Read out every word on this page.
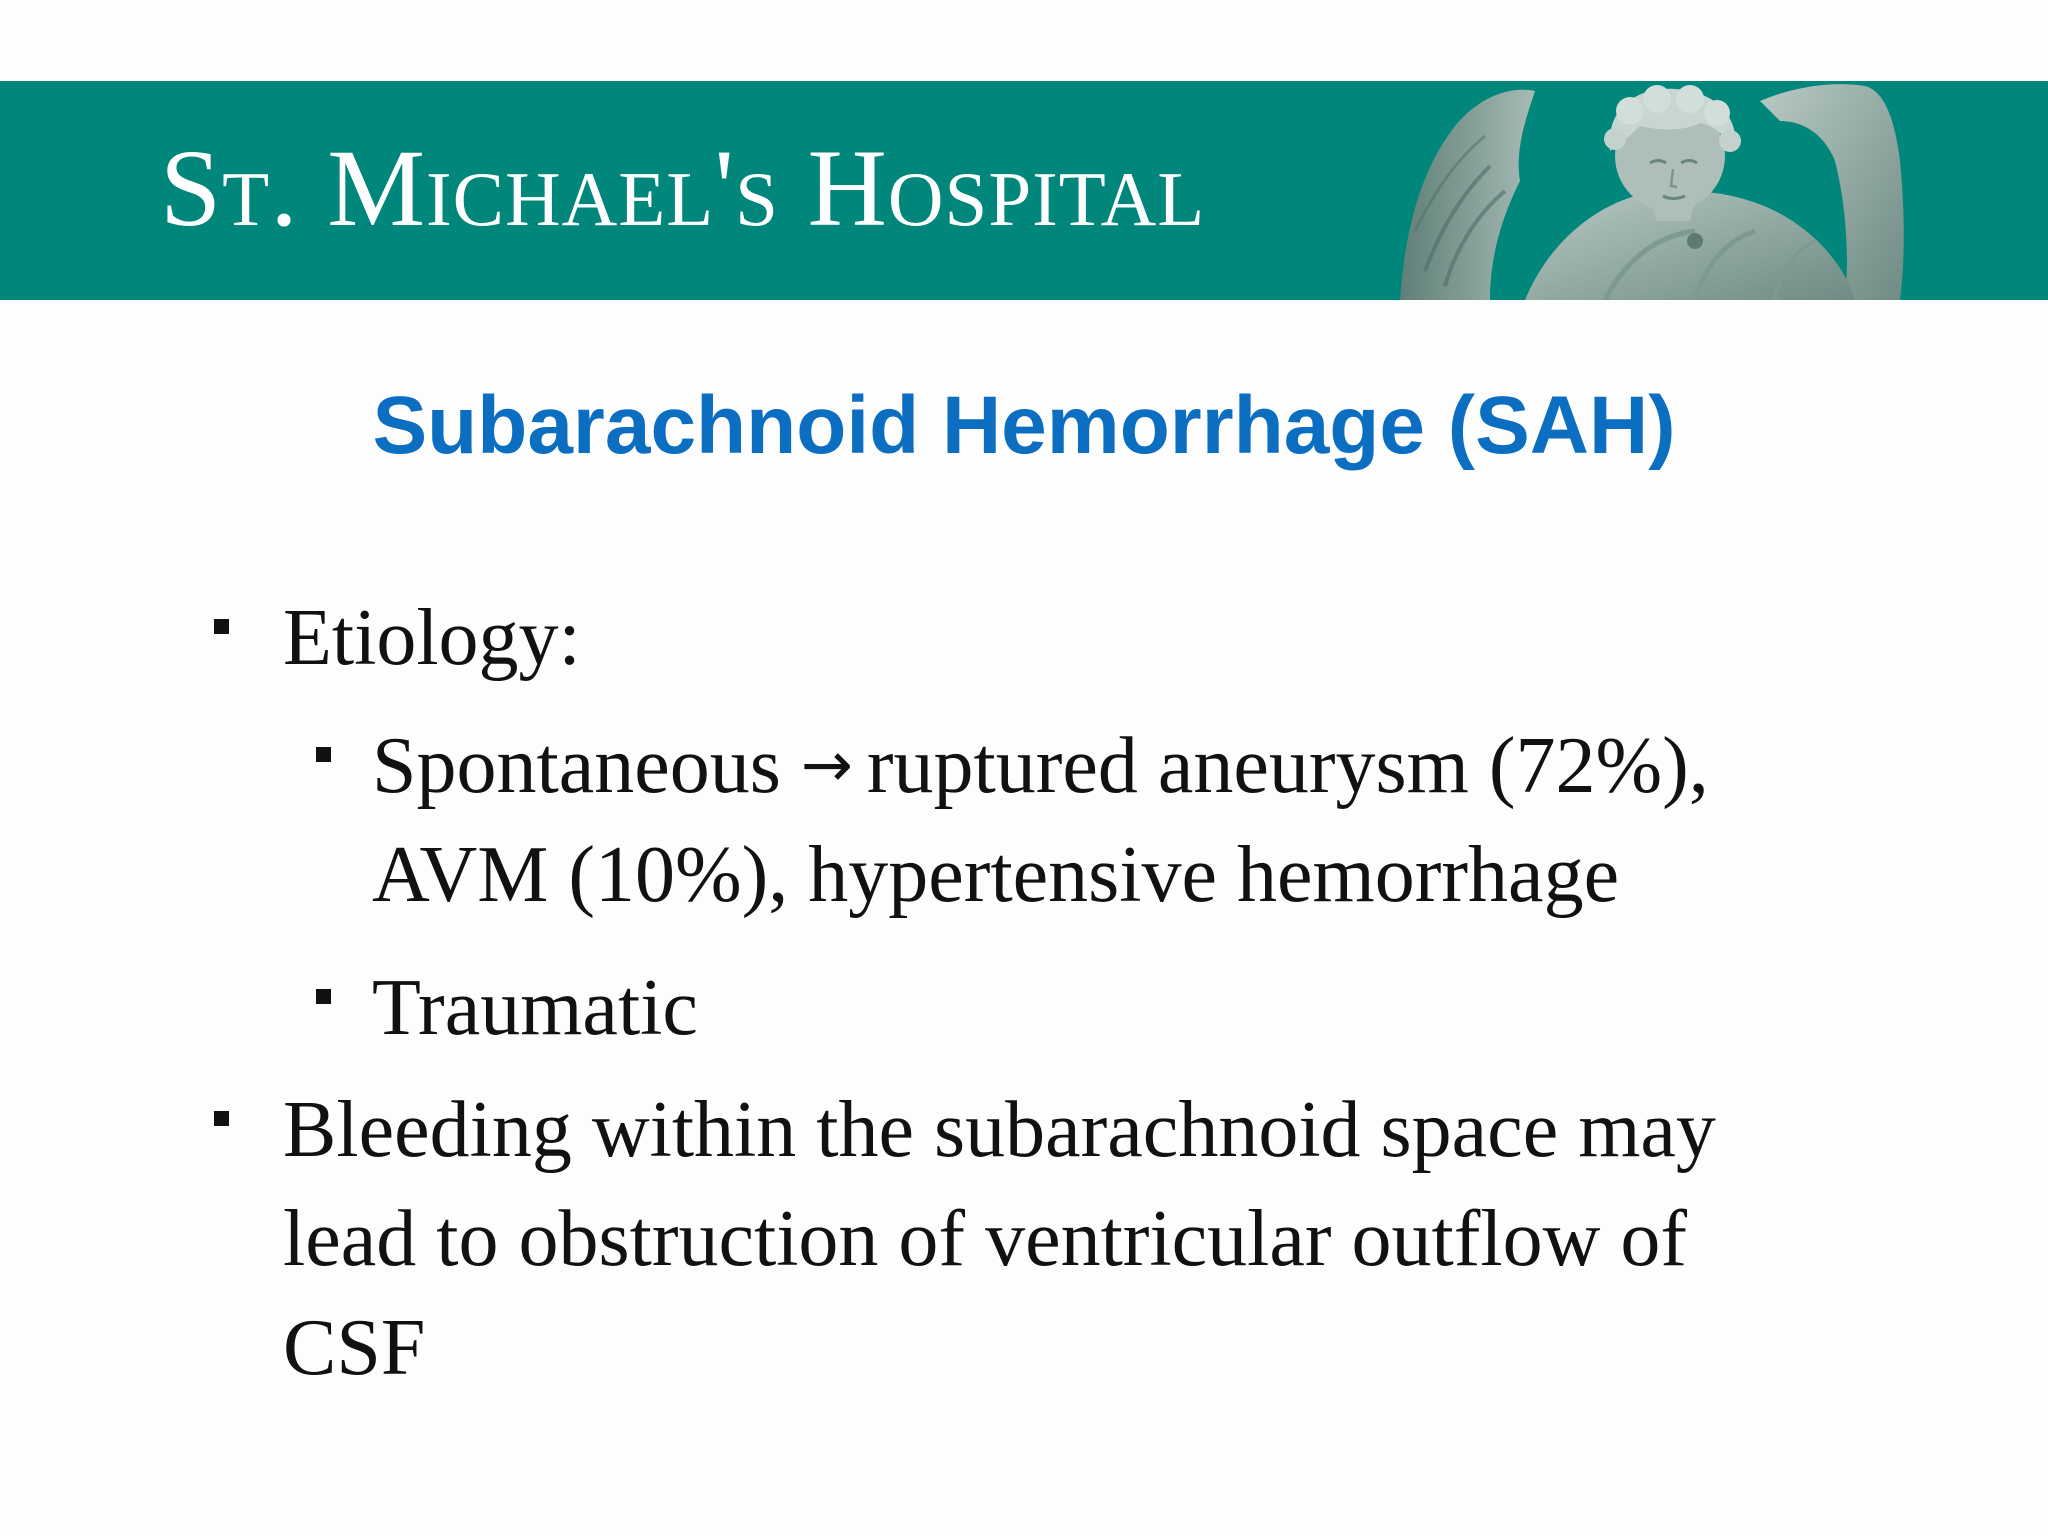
St. Michael's Hospital
Subarachnoid Hemorrhage (SAH)
Etiology:
Spontaneous → ruptured aneurysm (72%),
AVM (10%), hypertensive hemorrhage
Traumatic
Bleeding within the subarachnoid space may
lead to obstruction of ventricular outflow of
CSF
